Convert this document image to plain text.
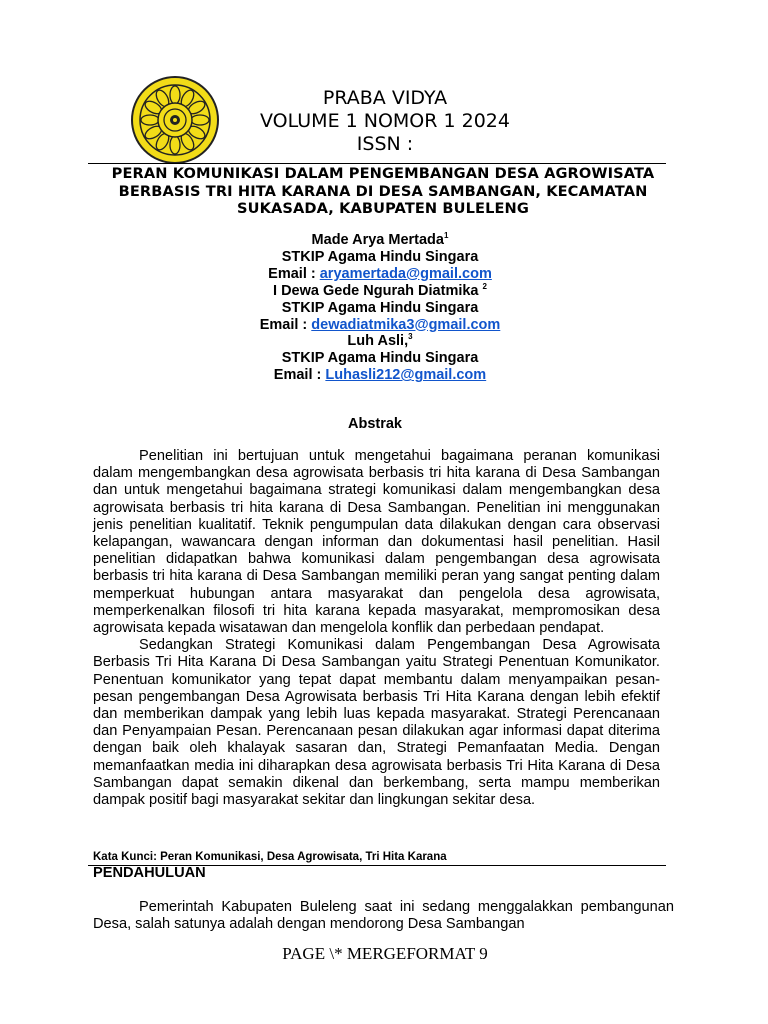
PRABA VIDYA
VOLUME 1 NOMOR 1 2024
ISSN :
PERAN KOMUNIKASI DALAM PENGEMBANGAN DESA AGROWISATA BERBASIS TRI HITA KARANA DI DESA SAMBANGAN, KECAMATAN SUKASADA, KABUPATEN BULELENG
Made Arya Mertada$^1$
STKIP Agama Hindu Singara
Email : aryamertada@gmail.com
I Dewa Gede Ngurah Diatmika $^2$
STKIP Agama Hindu Singara
Email : dewadiatmika3@gmail.com
Luh Asli,$^3$
STKIP Agama Hindu Singara
Email : Luhasli212@gmail.com
Abstrak

Penelitian ini bertujuan untuk mengetahui bagaimana peranan komunikasi dalam mengembangkan desa agrowisata berbasis tri hita karana di Desa Sambangan dan untuk mengetahui bagaimana strategi komunikasi dalam mengembangkan desa agrowisata berbasis tri hita karana di Desa Sambangan. Penelitian ini menggunakan jenis penelitian kualitatif. Teknik pengumpulan data dilakukan dengan cara observasi kelapangan, wawancara dengan informan dan dokumentasi hasil penelitian. Hasil penelitian didapatkan bahwa komunikasi dalam pengembangan desa agrowisata berbasis tri hita karana di Desa Sambangan memiliki peran yang sangat penting dalam memperkuat hubungan antara masyarakat dan pengelola desa agrowisata, memperkenalkan filosofi tri hita karana kepada masyarakat, mempromosikan desa agrowisata kepada wisatawan dan mengelola konflik dan perbedaan pendapat.

Sedangkan Strategi Komunikasi dalam Pengembangan Desa Agrowisata Berbasis Tri Hita Karana Di Desa Sambangan yaitu Strategi Penentuan Komunikator. Penentuan komunikator yang tepat dapat membantu dalam menyampaikan pesan-pesan pengembangan Desa Agrowisata berbasis Tri Hita Karana dengan lebih efektif dan memberikan dampak yang lebih luas kepada masyarakat. Strategi Perencanaan dan Penyampaian Pesan. Perencanaan pesan dilakukan agar informasi dapat diterima dengan baik oleh khalayak sasaran dan, Strategi Pemanfaatan Media. Dengan memanfaatkan media ini diharapkan desa agrowisata berbasis Tri Hita Karana di Desa Sambangan dapat semakin dikenal dan berkembang, serta mampu memberikan dampak positif bagi masyarakat sekitar dan lingkungan sekitar desa.

Kata Kunci: Peran Komunikasi, Desa Agrowisata, Tri Hita Karana
PENDAHULUAN

Pemerintah Kabupaten Buleleng saat ini sedang menggalakkan pembangunan Desa, salah satunya adalah dengan mendorong Desa Sambangan

PAGE \* MERGEFORMAT 9
